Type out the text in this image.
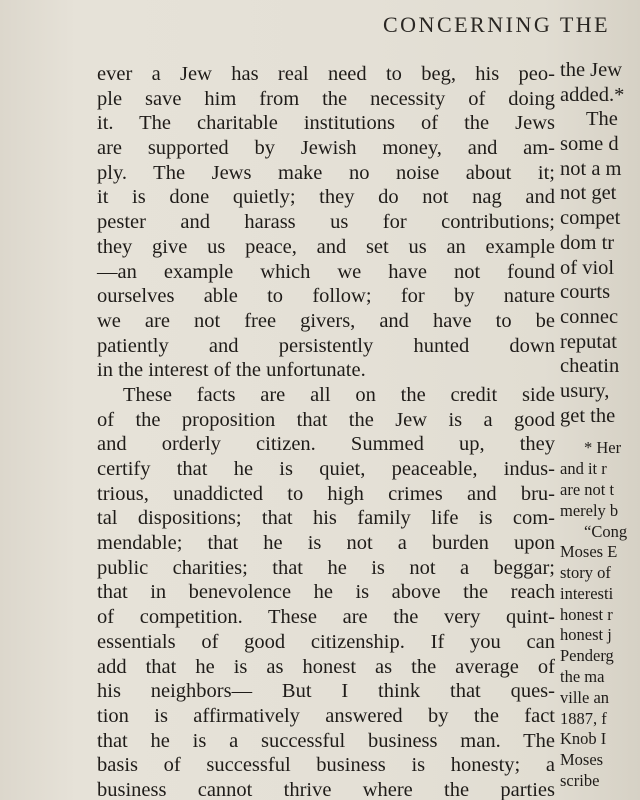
CONCERNING THE
ever a Jew has real need to beg, his peo-
ple save him from the necessity of doing
it. The charitable institutions of the Jews
are supported by Jewish money, and am-
ply. The Jews make no noise about it;
it is done quietly; they do not nag and
pester and harass us for contributions;
they give us peace, and set us an example
—an example which we have not found
ourselves able to follow; for by nature
we are not free givers, and have to be
patiently and persistently hunted down
in the interest of the unfortunate.
These facts are all on the credit side
of the proposition that the Jew is a good
and orderly citizen. Summed up, they
certify that he is quiet, peaceable, indus-
trious, unaddicted to high crimes and bru-
tal dispositions; that his family life is com-
mendable; that he is not a burden upon
public charities; that he is not a beggar;
that in benevolence he is above the reach
of competition. These are the very quint-
essentials of good citizenship. If you can
add that he is as honest as the average of
his neighbors— But I think that ques-
tion is affirmatively answered by the fact
that he is a successful business man. The
basis of successful business is honesty; a
business cannot thrive where the parties
the Jew
added.*
The
some d
not a m
not get
compet
dom tr
of viol
courts
connec
reputat
cheatin
usury,
get the
* Her
and it r
are not t
merely b
“Cong
Moses E
story of
interesti
honest r
honest j
Penderg
the ma
ville an
1887, f
Knob I
Moses
scribe
